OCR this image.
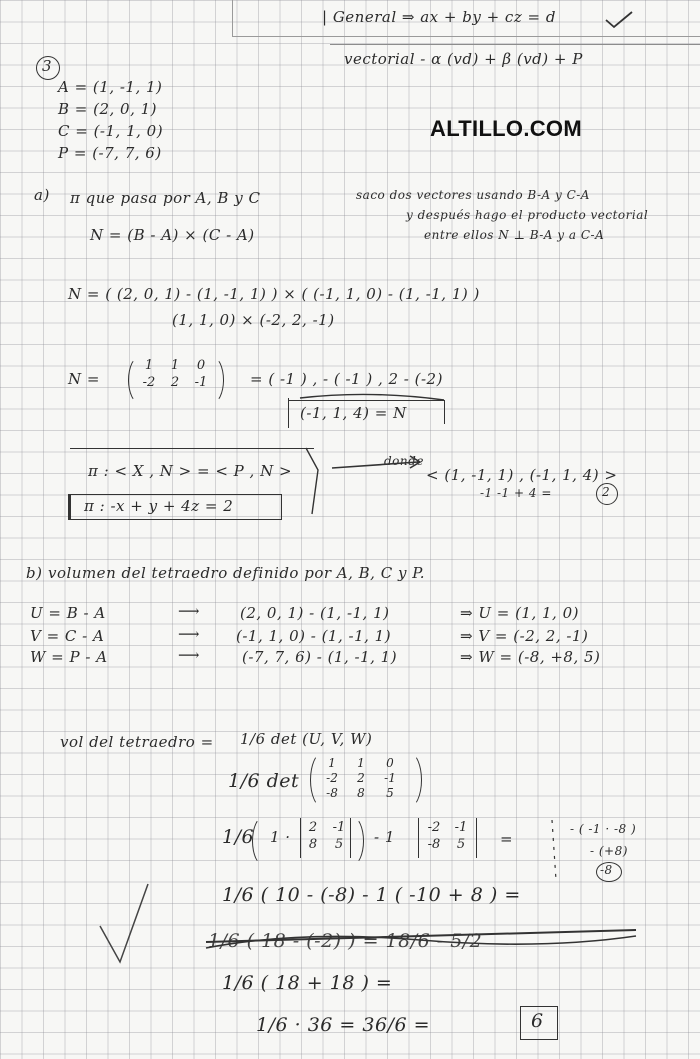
| General ⇒ ax + by + cz = d
vectorial - α (vd) + β (vd) + P
ALTILLO.COM
3
A = (1, -1, 1)
B = (2, 0, 1)
C = (-1, 1, 0)
P = (-7, 7, 6)
a) π que pasa por A, B y C	saco dos vectores usando B-A y C-A
y después hago el producto vectorial
entre ellos N ⊥ B-A y a C-A
N = (B - A) × (C - A)
N = ( (2, 0, 1) - (1, -1, 1) ) × ( (-1, 1, 0) - (1, -1, 1) )
(1, 1, 0) × (-2, 2, -1)
N =
1	1	0
-2	2	-1	= ( -1 ) , - ( -1 ) , 2 - (-2)
(-1, 1, 4) = N
π : < X , N > = < P , N >
donde
< (1, -1, 1) , (-1, 1, 4) >
-1 -1 + 4 =	2
π : -x + y + 4z = 2
b) volumen del tetraedro definido por A, B, C y P.
U = B - A	⟶	(2, 0, 1) - (1, -1, 1)	⇒ U = (1, 1, 0)
V = C - A	⟶ (-1, 1, 0) - (1, -1, 1)	⇒ V = (-2, 2, -1)
W = P - A	⟶	(-7, 7, 6) - (1, -1, 1)	⇒ W = (-8, +8, 5)
vol del tetraedro = 1/6 det (U, V, W)
1/6 det
1	1	0
-2	2	-1
-8	8	5
1/6 1 ·
2	-1
8	5	- 1
-2 -1
-8	5	=
- ( -1 · -8 )
- (+8)
-8
1/6 ( 10 - (-8) - 1 ( -10 + 8 ) =
1/6 ( 18 - (-2) ) = 18/6 - 5/2
1/6 ( 18 + 18 ) =
1/6 · 36 = 36/6 =	6
